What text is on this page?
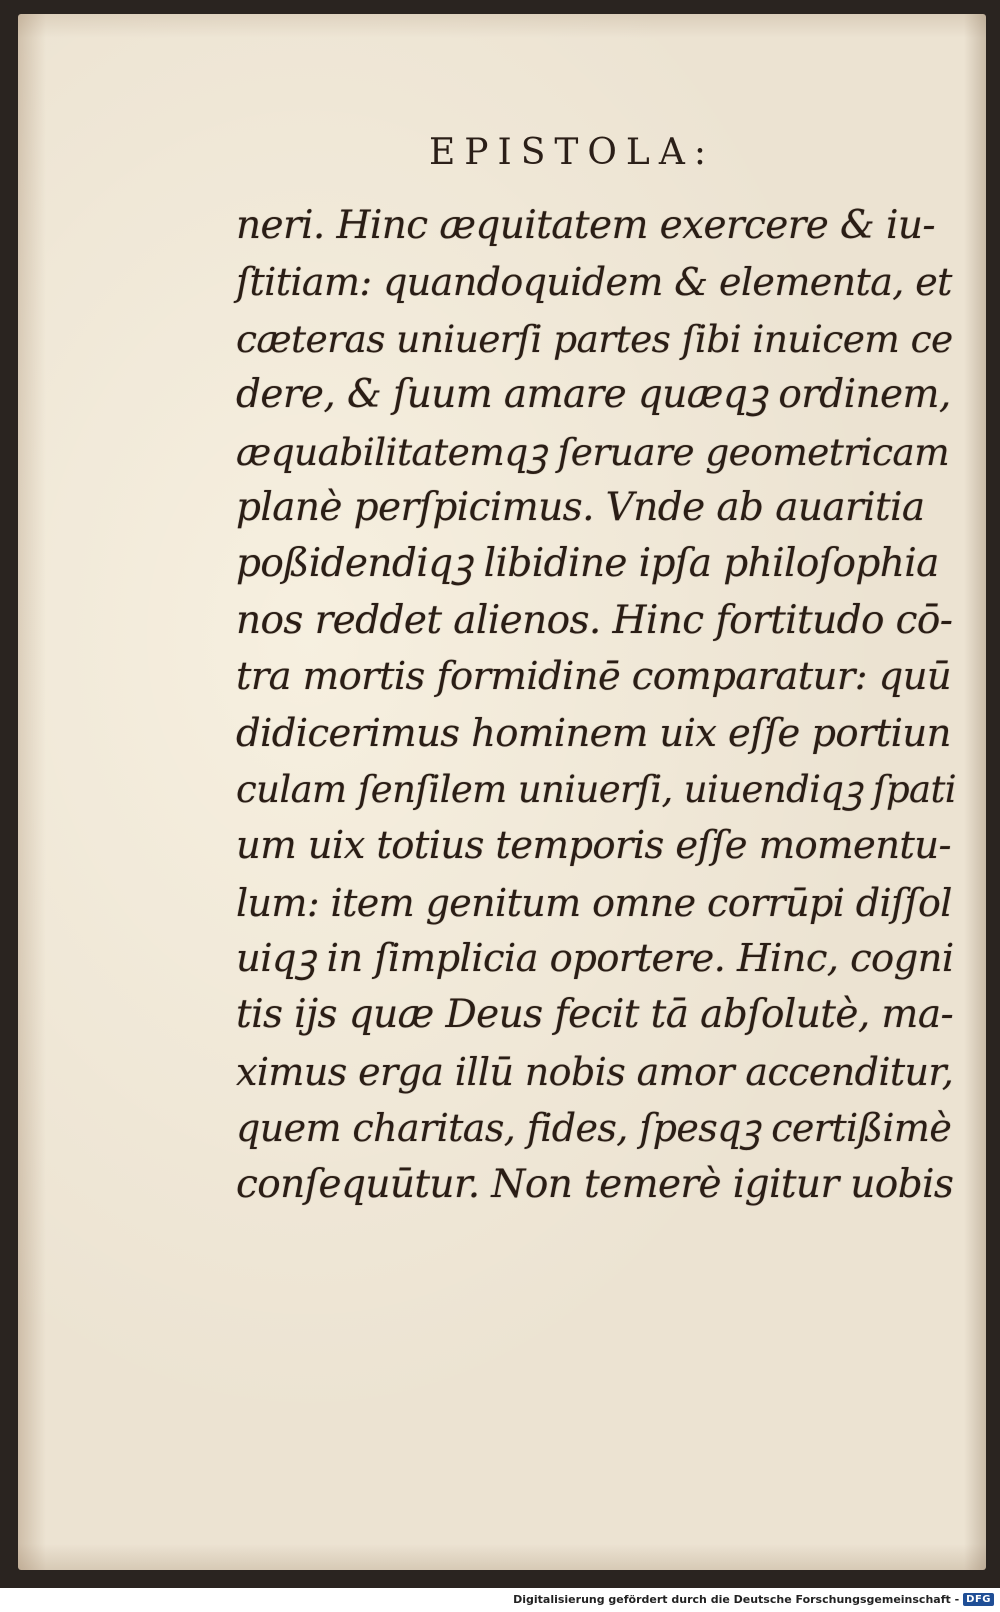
EPISTOLA:
neri. Hinc æquitatem exercere & iu-
ſtitiam: quandoquidem & elementa, et
cæteras uniuerſi partes ſibi inuicem ce
dere, & ſuum amare quæqꝫ ordinem,
æquabilitatemqꝫ ſeruare geometricam
planè perſpicimus. Vnde ab auaritia
poßidendiqꝫ libidine ipſa philoſophia
nos reddet alienos. Hinc fortitudo cō-
tra mortis formidinē comparatur: quū
didicerimus hominem uix eſſe portiun
culam ſenſilem uniuerſi, uiuendiqꝫ ſpati
um uix totius temporis eſſe momentu-
lum: item genitum omne corrūpi diſſol
uiqꝫ in ſimplicia oportere. Hinc, cogni
tis ijs quæ Deus fecit tā abſolutè, ma-
ximus erga illū nobis amor accenditur,
quem charitas, fides, ſpesqꝫ certißimè
conſequūtur. Non temerè igitur uobis
Digitalisierung gefördert durch die Deutsche Forschungsgemeinschaft - DFG
